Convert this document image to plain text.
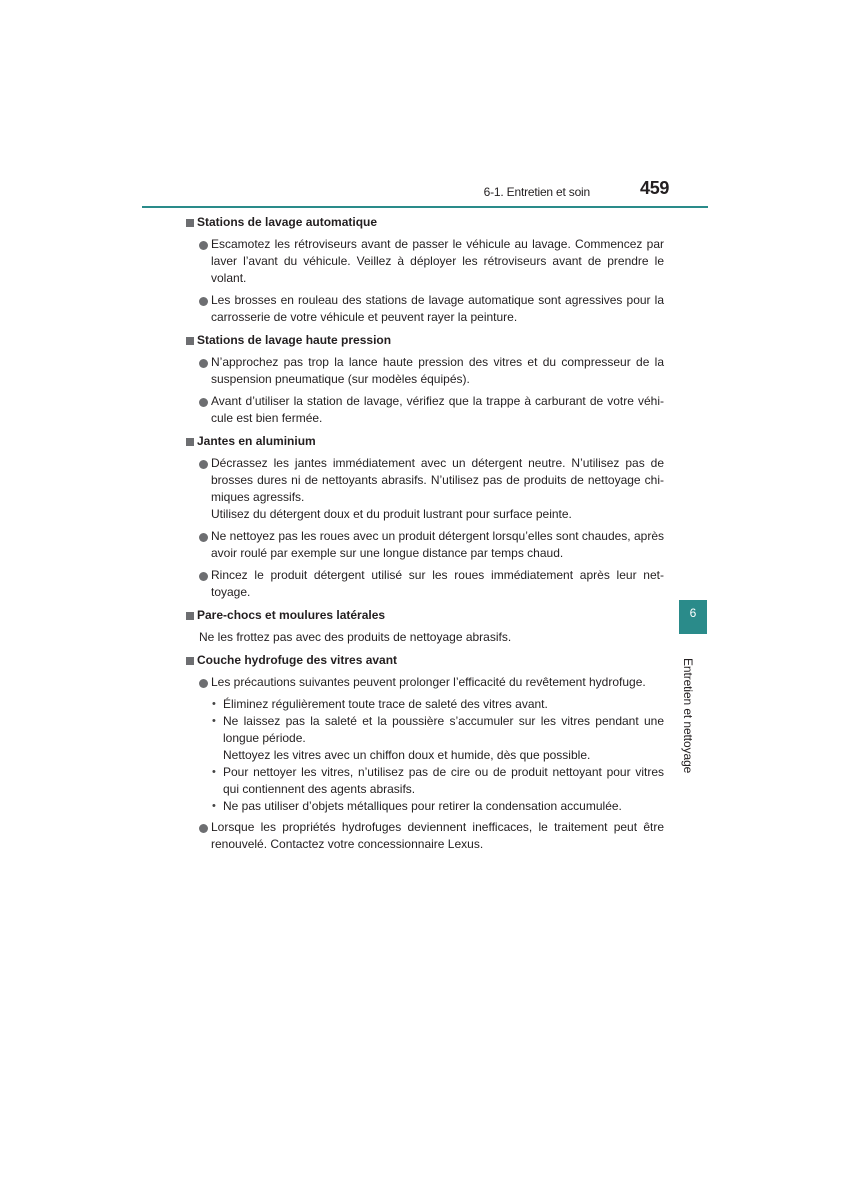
6-1. Entretien et soin	459
Stations de lavage automatique
Escamotez les rétroviseurs avant de passer le véhicule au lavage. Commencez par laver l’avant du véhicule. Veillez à déployer les rétroviseurs avant de prendre le volant.
Les brosses en rouleau des stations de lavage automatique sont agressives pour la carrosserie de votre véhicule et peuvent rayer la peinture.
Stations de lavage haute pression
N’approchez pas trop la lance haute pression des vitres et du compresseur de la suspension pneumatique (sur modèles équipés).
Avant d’utiliser la station de lavage, vérifiez que la trappe à carburant de votre véhi-cule est bien fermée.
Jantes en aluminium
Décrassez les jantes immédiatement avec un détergent neutre. N’utilisez pas de brosses dures ni de nettoyants abrasifs. N’utilisez pas de produits de nettoyage chi-miques agressifs.
Utilisez du détergent doux et du produit lustrant pour surface peinte.
Ne nettoyez pas les roues avec un produit détergent lorsqu’elles sont chaudes, après avoir roulé par exemple sur une longue distance par temps chaud.
Rincez le produit détergent utilisé sur les roues immédiatement après leur net-toyage.
Pare-chocs et moulures latérales
Ne les frottez pas avec des produits de nettoyage abrasifs.
Couche hydrofuge des vitres avant
Les précautions suivantes peuvent prolonger l’efficacité du revêtement hydrofuge.
• Éliminez régulièrement toute trace de saleté des vitres avant.
• Ne laissez pas la saleté et la poussière s’accumuler sur les vitres pendant une longue période.
Nettoyez les vitres avec un chiffon doux et humide, dès que possible.
• Pour nettoyer les vitres, n’utilisez pas de cire ou de produit nettoyant pour vitres qui contiennent des agents abrasifs.
• Ne pas utiliser d’objets métalliques pour retirer la condensation accumulée.
Lorsque les propriétés hydrofuges deviennent inefficaces, le traitement peut être renouvelé. Contactez votre concessionnaire Lexus.
6
Entretien et nettoyage
